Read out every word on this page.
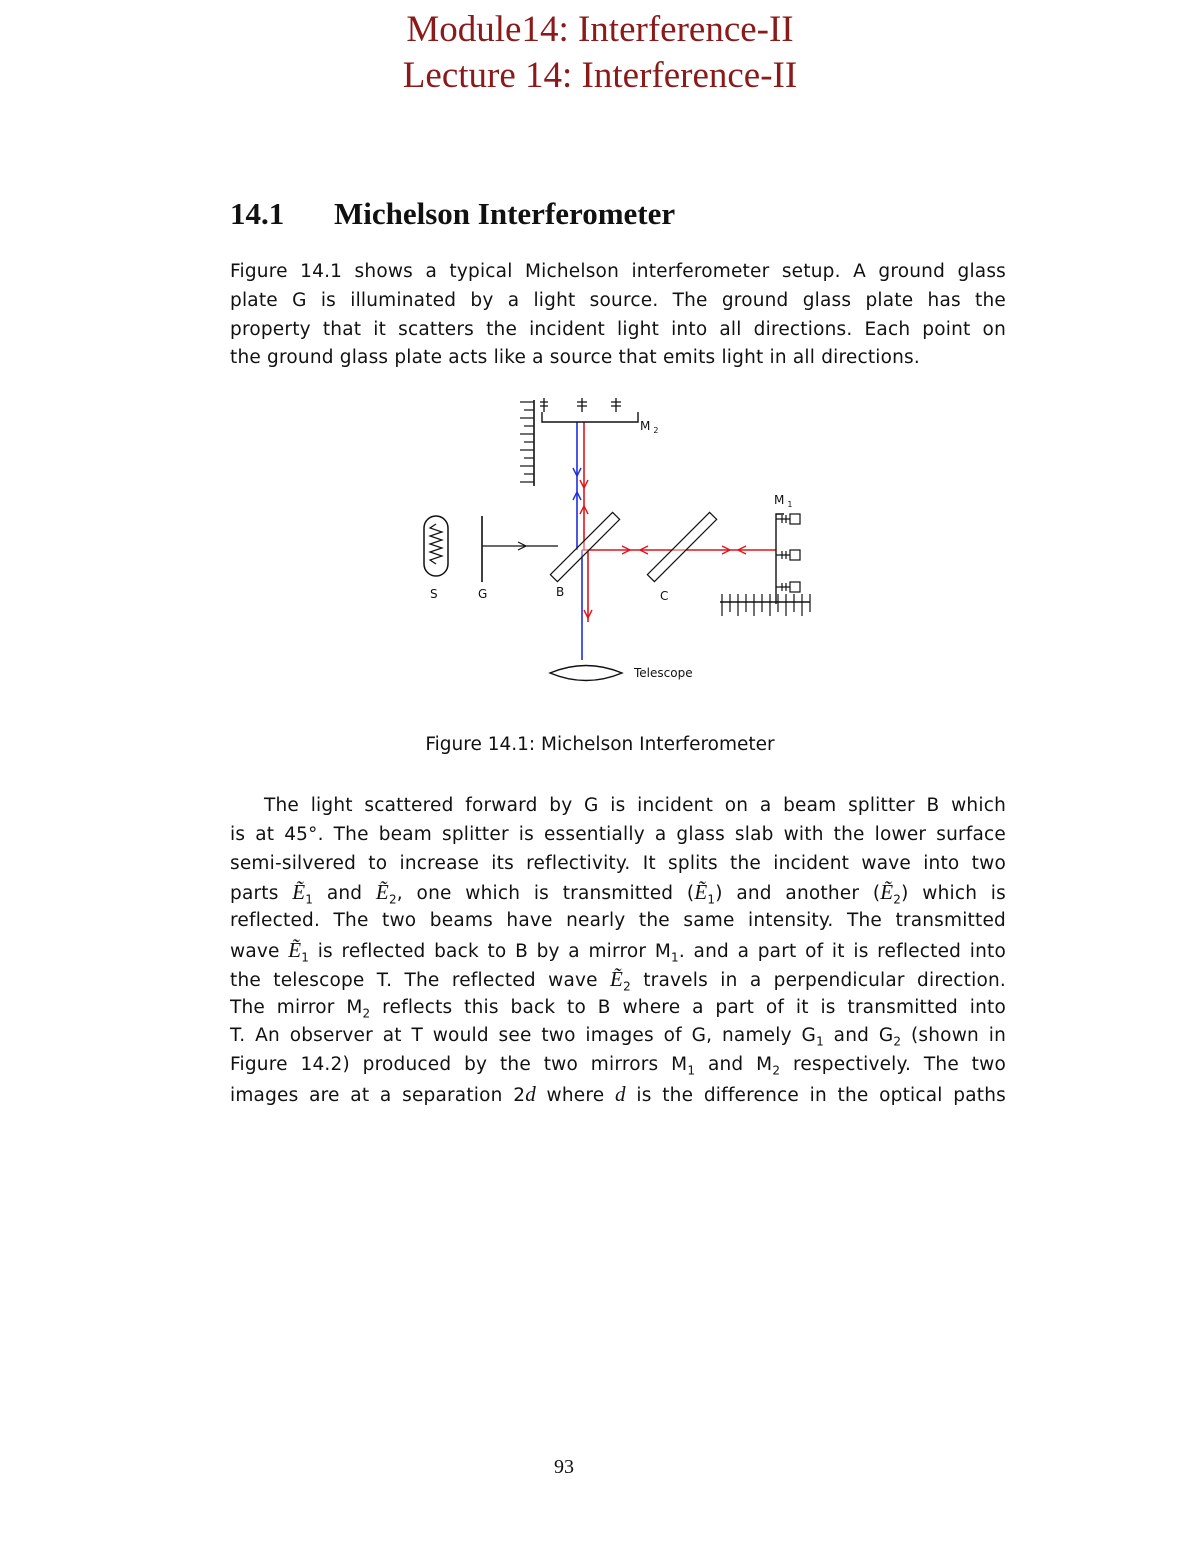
Module14: Interference-II
Lecture 14: Interference-II
14.1 Michelson Interferometer
Figure 14.1 shows a typical Michelson interferometer setup. A ground glass
plate G is illuminated by a light source. The ground glass plate has the
property that it scatters the incident light into all directions. Each point on
the ground glass plate acts like a source that emits light in all directions.
S	G	B	C
M $_2$
M $_1$
Telescope
Figure 14.1: Michelson Interferometer
The light scattered forward by G is incident on a beam splitter B which
is at 45°. The beam splitter is essentially a glass slab with the lower surface
semi-silvered to increase its reflectivity. It splits the incident wave into two
parts Ẽ$_1$ and Ẽ$_2$, one which is transmitted (Ẽ$_1$) and another (Ẽ$_2$) which is
reflected. The two beams have nearly the same intensity. The transmitted
wave Ẽ$_1$ is reflected back to B by a mirror $M_1$. and a part of it is reflected into
the telescope T. The reflected wave Ẽ$_2$ travels in a perpendicular direction.
The mirror $M_2$ reflects this back to B where a part of it is transmitted into
T. An observer at T would see two images of G, namely $G_1$ and $G_2$ (shown in
Figure 14.2) produced by the two mirrors $M_1$ and $M_2$ respectively. The two
images are at a separation 2d where d is the difference in the optical paths
93
